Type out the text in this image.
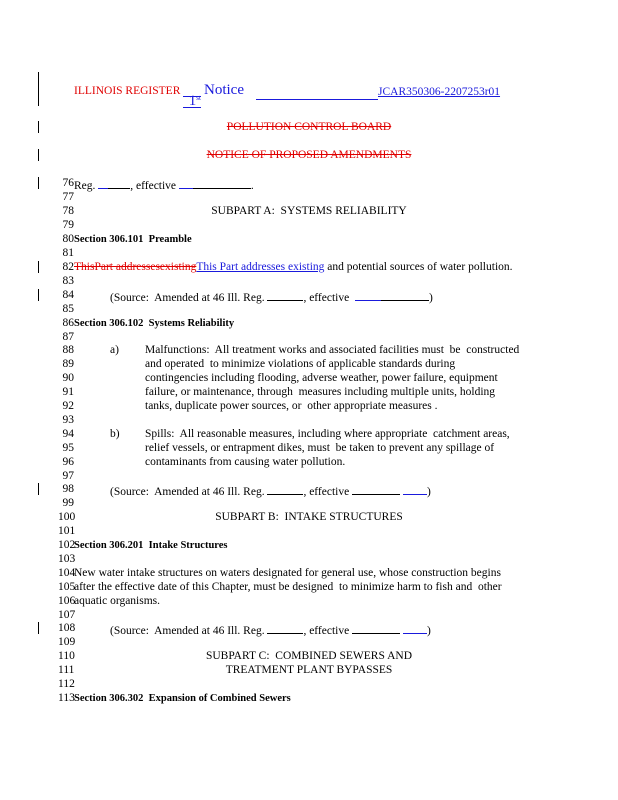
ILLINOIS REGISTER

1st

Notice	JCAR350306-2207253r01
POLLUTION CONTROL BOARD
NOTICE OF PROPOSED AMENDMENTS
76 Reg.	, effective	.
77
78	SUBPART A:  SYSTEMS RELIABILITY
79
80 Section 306.101  Preamble
81
82 ThisPart addressesexistingThis Part addresses existing and potential sources of water pollution.
83
84	(Source:  Amended at 46 Ill. Reg.	, effective	)
85
86 Section 306.102  Systems Reliability
87
88	a) Malfunctions:  All treatment works and associated facilities must  be  constructed
89	and operated  to minimize violations of applicable standards during
90	contingencies including flooding, adverse weather, power failure, equipment
91	failure, or maintenance, through  measures including multiple units, holding
92	tanks, duplicate power sources, or  other appropriate measures .
93
94	b) Spills:  All reasonable measures, including where appropriate  catchment areas,
95	relief vessels, or entrapment dikes, must  be taken to prevent any spillage of
96	contaminants from causing water pollution.
97
98	(Source:  Amended at 46 Ill. Reg.	, effective	)
99
100	SUBPART B:  INTAKE STRUCTURES
101
102
Section 306.201  Intake Structures
103
104
New water intake structures on waters designated for general use, whose construction begins
105
after the effective date of this Chapter, must be designed  to minimize harm to fish and  other
106
aquatic organisms.
107
108	(Source:  Amended at 46 Ill. Reg.	, effective	)
109
110	SUBPART C:  COMBINED SEWERS AND
111	TREATMENT PLANT BYPASSES
112
113 Section 306.302  Expansion of Combined Sewers
